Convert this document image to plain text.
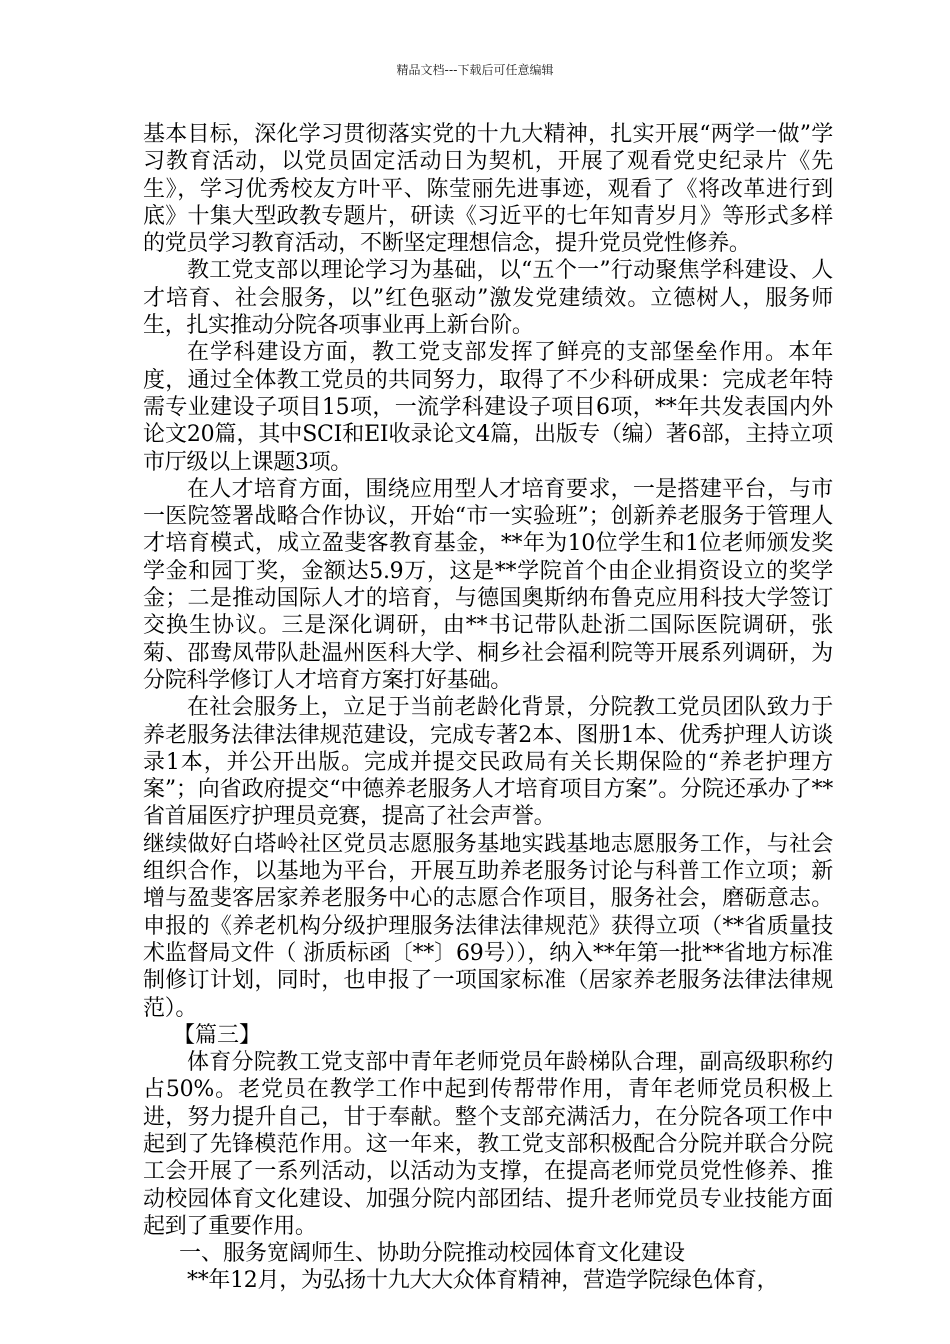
精品文档---下载后可任意编辑

基本目标，深化学习贯彻落实党的十九大精神，扎实开展“两学一做”学习教育活动，以党员固定活动日为契机，开展了观看党史纪录片《先生》，学习优秀校友方叶平、陈莹丽先进事迹，观看了《将改革进行到底》十集大型政教专题片，研读《习近平的七年知青岁月》等形式多样的党员学习教育活动，不断坚定理想信念，提升党员党性修养。

教工党支部以理论学习为基础，以“五个一”行动聚焦学科建设、人才培育、社会服务，以”红色驱动”激发党建绩效。立德树人，服务师生，扎实推动分院各项事业再上新台阶。

在学科建设方面，教工党支部发挥了鲜亮的支部堡垒作用。本年度，通过全体教工党员的共同努力，取得了不少科研成果：完成老年特需专业建设子项目15项，一流学科建设子项目6项，**年共发表国内外论文20篇，其中SCI和EI收录论文4篇，出版专（编）著6部，主持立项市厅级以上课题3项。

在人才培育方面，围绕应用型人才培育要求，一是搭建平台，与市一医院签署战略合作协议，开始“市一实验班”；创新养老服务于管理人才培育模式，成立盈斐客教育基金，**年为10位学生和1位老师颁发奖学金和园丁奖，金额达5.9万，这是**学院首个由企业捐资设立的奖学金；二是推动国际人才的培育，与德国奥斯纳布鲁克应用科技大学签订交换生协议。三是深化调研，由**书记带队赴浙二国际医院调研，张菊、邵鸯凤带队赴温州医科大学、桐乡社会福利院等开展系列调研，为分院科学修订人才培育方案打好基础。

在社会服务上，立足于当前老龄化背景，分院教工党员团队致力于养老服务法律法律规范建设，完成专著2本、图册1本、优秀护理人访谈录1本，并公开出版。完成并提交民政局有关长期保险的“养老护理方案”；向省政府提交“中德养老服务人才培育项目方案”。分院还承办了**省首届医疗护理员竞赛，提高了社会声誉。

继续做好白塔岭社区党员志愿服务基地实践基地志愿服务工作，与社会组织合作，以基地为平台，开展互助养老服务讨论与科普工作立项；新增与盈斐客居家养老服务中心的志愿合作项目，服务社会，磨砺意志。申报的《养老机构分级护理服务法律法律规范》获得立项（**省质量技术监督局文件（ 浙质标函〔**〕69号）），纳入**年第一批**省地方标准制修订计划，同时，也申报了一项国家标准（居家养老服务法律法律规范）。

【篇三】

体育分院教工党支部中青年老师党员年龄梯队合理，副高级职称约占50%。老党员在教学工作中起到传帮带作用，青年老师党员积极上进，努力提升自己，甘于奉献。整个支部充满活力，在分院各项工作中起到了先锋模范作用。这一年来，教工党支部积极配合分院并联合分院工会开展了一系列活动，以活动为支撑，在提高老师党员党性修养、推动校园体育文化建设、加强分院内部团结、提升老师党员专业技能方面起到了重要作用。

一、服务宽阔师生、协助分院推动校园体育文化建设

**年12月，为弘扬十九大大众体育精神，营造学院绿色体育，
